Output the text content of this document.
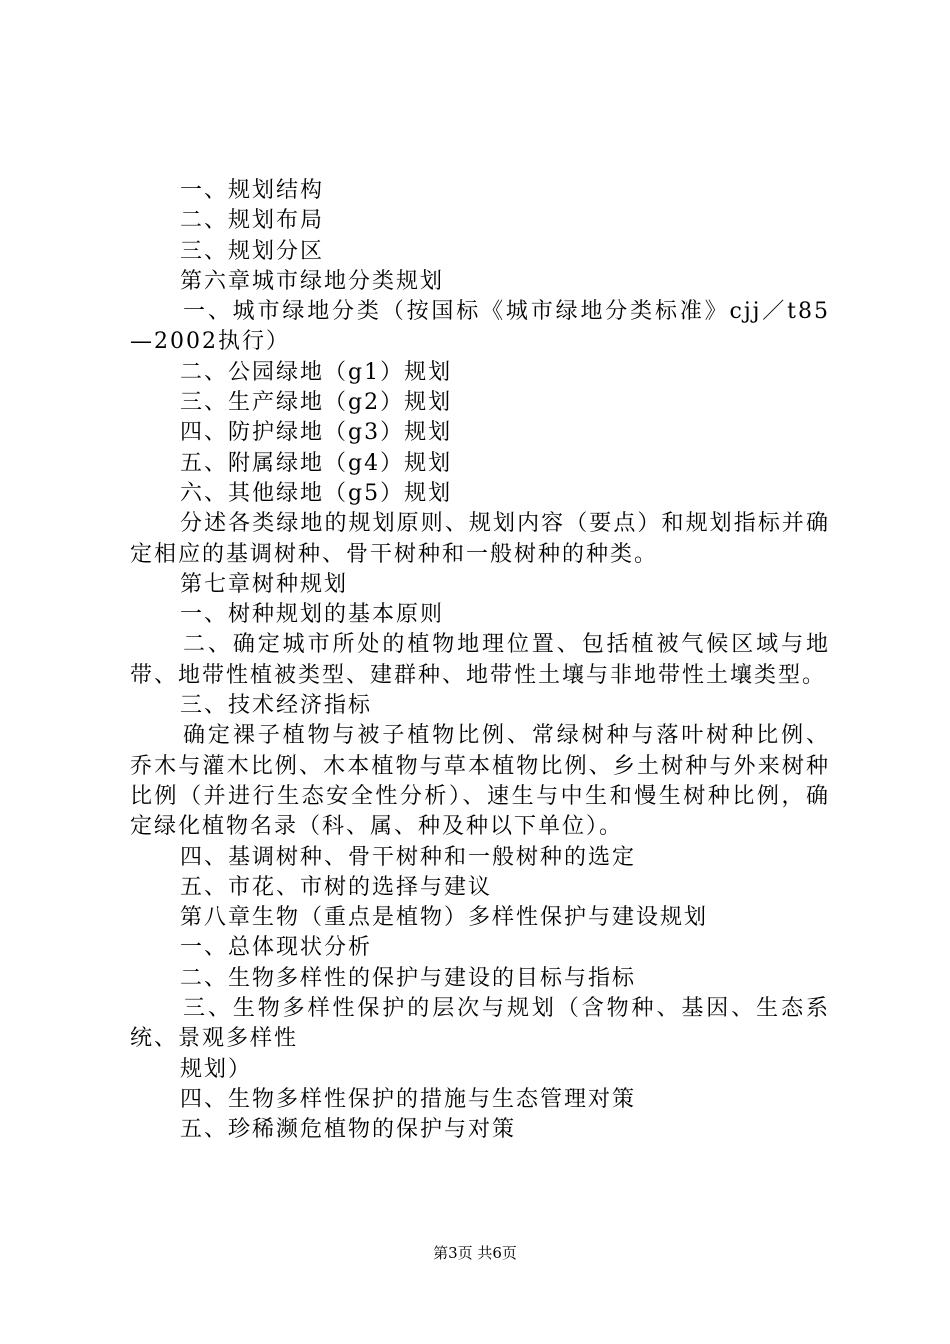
一、规划结构

二、规划布局

三、规划分区

第六章城市绿地分类规划

一、城市绿地分类（按国标《城市绿地分类标准》cjj／t85—2002执行）

二、公园绿地（g1）规划

三、生产绿地（g2）规划

四、防护绿地（g3）规划

五、附属绿地（g4）规划

六、其他绿地（g5）规划

分述各类绿地的规划原则、规划内容（要点）和规划指标并确定相应的基调树种、骨干树种和一般树种的种类。

第七章树种规划

一、树种规划的基本原则

二、确定城市所处的植物地理位置、包括植被气候区域与地带、地带性植被类型、建群种、地带性土壤与非地带性土壤类型。

三、技术经济指标

确定裸子植物与被子植物比例、常绿树种与落叶树种比例、乔木与灌木比例、木本植物与草本植物比例、乡土树种与外来树种比例（并进行生态安全性分析）、速生与中生和慢生树种比例，确定绿化植物名录（科、属、种及种以下单位）。

四、基调树种、骨干树种和一般树种的选定

五、市花、市树的选择与建议

第八章生物（重点是植物）多样性保护与建设规划

一、总体现状分析

二、生物多样性的保护与建设的目标与指标

三、生物多样性保护的层次与规划（含物种、基因、生态系统、景观多样性

规划）

四、生物多样性保护的措施与生态管理对策

五、珍稀濒危植物的保护与对策

第3页 共6页
